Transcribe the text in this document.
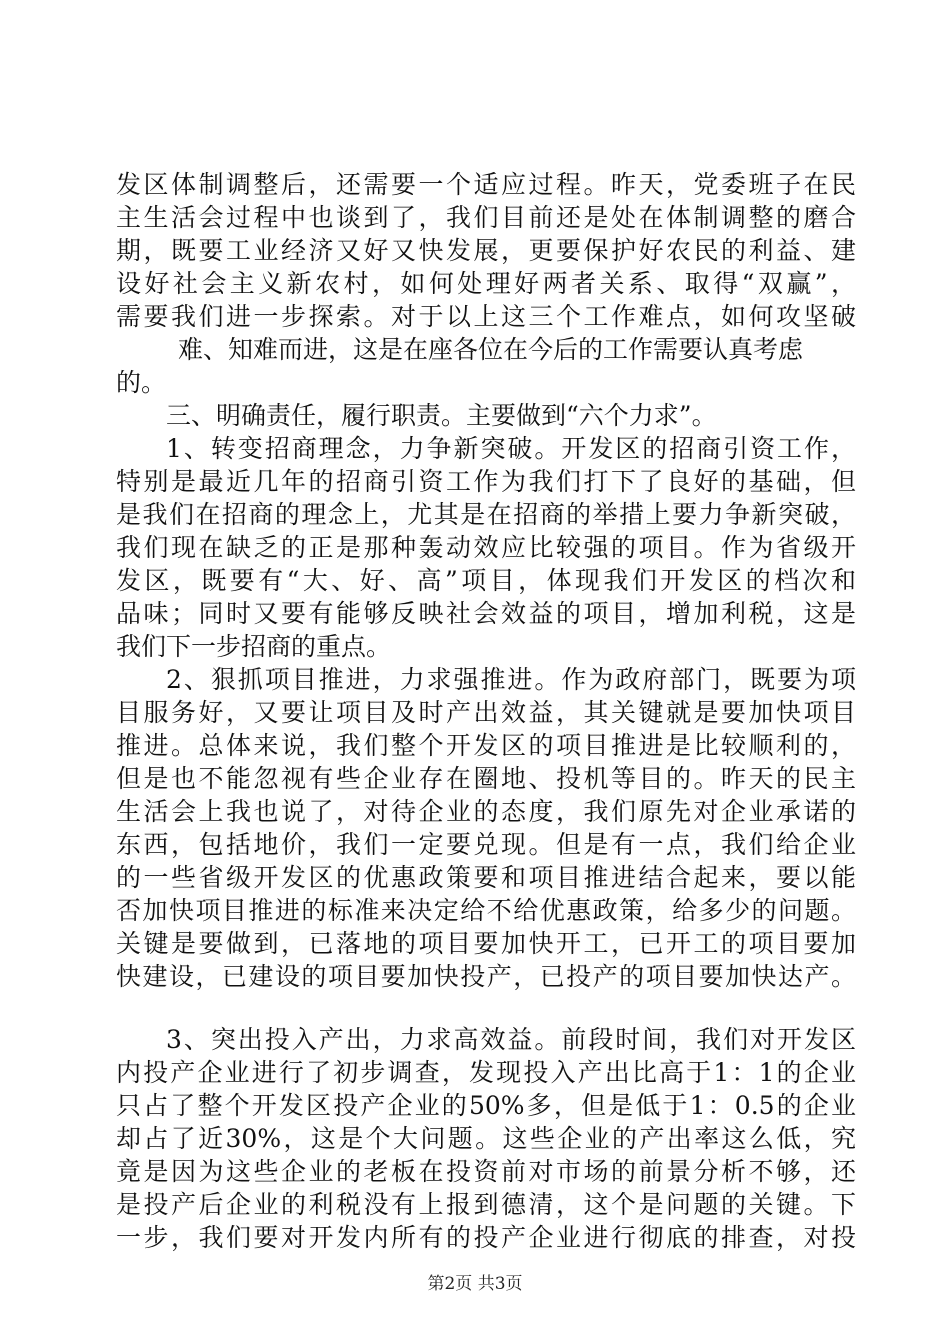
发区体制调整后，还需要一个适应过程。昨天，党委班子在民
主生活会过程中也谈到了，我们目前还是处在体制调整的磨合
期，既要工业经济又好又快发展，更要保护好农民的利益、建
设好社会主义新农村，如何处理好两者关系、取得“双赢”，
需要我们进一步探索。对于以上这三个工作难点，如何攻坚破
难、知难而进，这是在座各位在今后的工作需要认真考虑
的。
三、明确责任，履行职责。主要做到“六个力求”。
1、转变招商理念，力争新突破。开发区的招商引资工作，
特别是最近几年的招商引资工作为我们打下了良好的基础，但
是我们在招商的理念上，尤其是在招商的举措上要力争新突破，
我们现在缺乏的正是那种轰动效应比较强的项目。作为省级开
发区，既要有“大、好、高”项目，体现我们开发区的档次和
品味；同时又要有能够反映社会效益的项目，增加利税，这是
我们下一步招商的重点。
2、狠抓项目推进，力求强推进。作为政府部门，既要为项
目服务好，又要让项目及时产出效益，其关键就是要加快项目
推进。总体来说，我们整个开发区的项目推进是比较顺利的，
但是也不能忽视有些企业存在圈地、投机等目的。昨天的民主
生活会上我也说了，对待企业的态度，我们原先对企业承诺的
东西，包括地价，我们一定要兑现。但是有一点，我们给企业
的一些省级开发区的优惠政策要和项目推进结合起来，要以能
否加快项目推进的标准来决定给不给优惠政策，给多少的问题。
关键是要做到，已落地的项目要加快开工，已开工的项目要加
快建设，已建设的项目要加快投产，已投产的项目要加快达产。
3、突出投入产出，力求高效益。前段时间，我们对开发区
内投产企业进行了初步调查，发现投入产出比高于1：1的企业
只占了整个开发区投产企业的50%多，但是低于1：0.5的企业
却占了近30%，这是个大问题。这些企业的产出率这么低，究
竟是因为这些企业的老板在投资前对市场的前景分析不够，还
是投产后企业的利税没有上报到德清，这个是问题的关键。下
一步，我们要对开发内所有的投产企业进行彻底的排查，对投
第2页 共3页
